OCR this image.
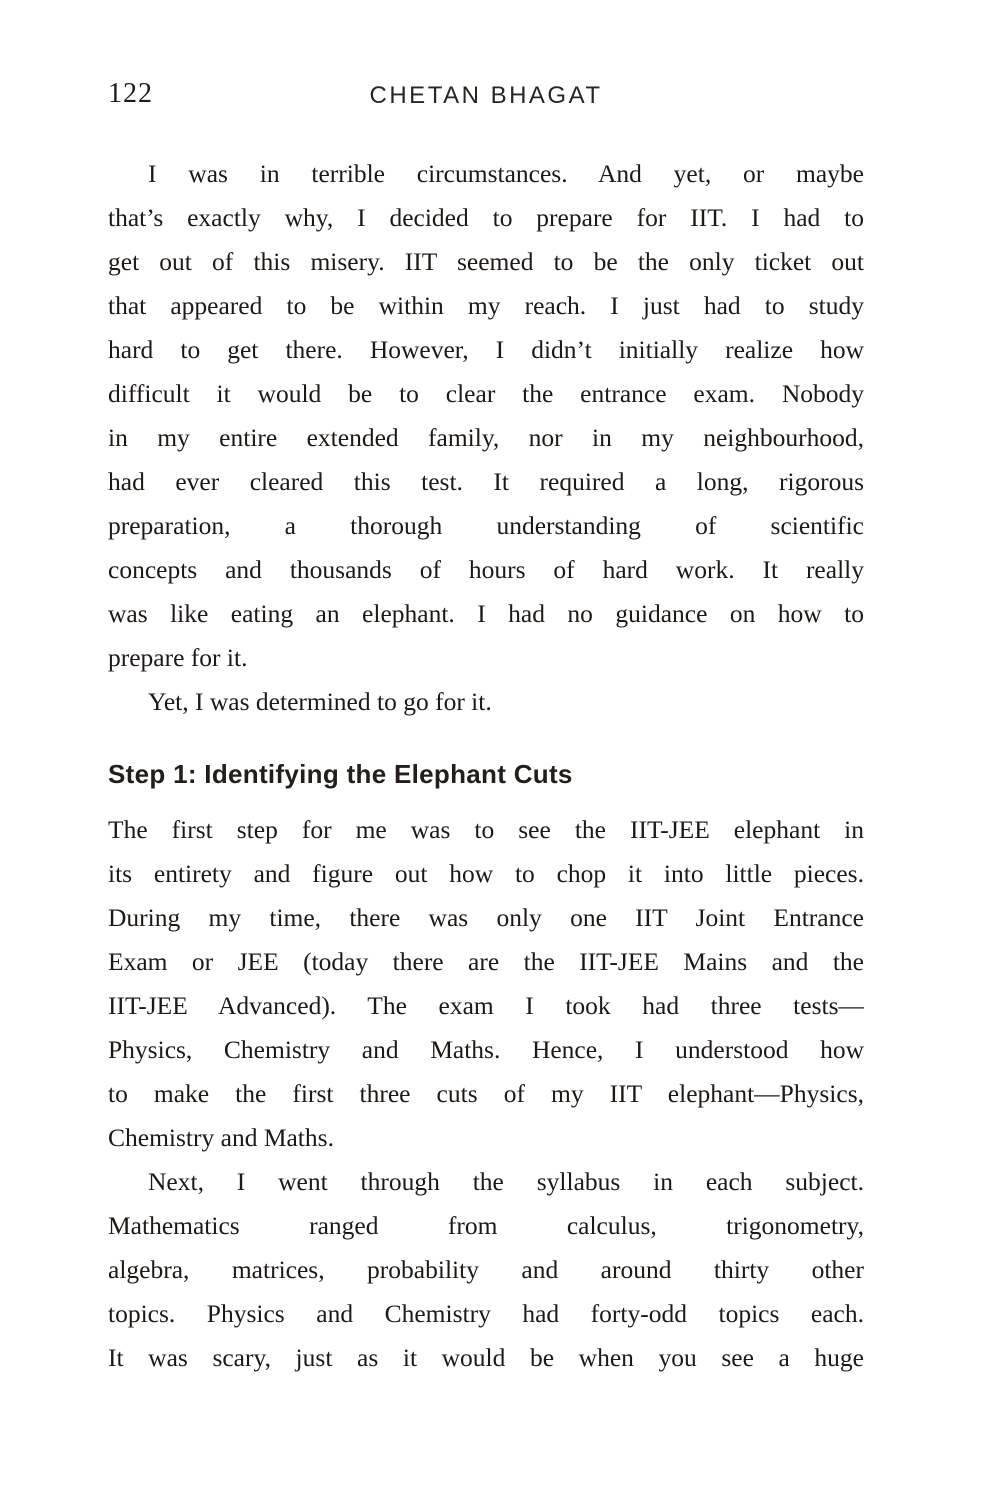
122	CHETAN BHAGAT
I was in terrible circumstances. And yet, or maybe
that’s exactly why, I decided to prepare for IIT. I had to
get out of this misery. IIT seemed to be the only ticket out
that appeared to be within my reach. I just had to study
hard to get there. However, I didn’t initially realize how
difficult it would be to clear the entrance exam. Nobody
in my entire extended family, nor in my neighbourhood,
had ever cleared this test. It required a long, rigorous
preparation, a thorough understanding of scientific
concepts and thousands of hours of hard work. It really
was like eating an elephant. I had no guidance on how to
prepare for it.
Yet, I was determined to go for it.
Step 1: Identifying the Elephant Cuts
The first step for me was to see the IIT-JEE elephant in
its entirety and figure out how to chop it into little pieces.
During my time, there was only one IIT Joint Entrance
Exam or JEE (today there are the IIT-JEE Mains and the
IIT-JEE Advanced). The exam I took had three tests—
Physics, Chemistry and Maths. Hence, I understood how
to make the first three cuts of my IIT elephant—Physics,
Chemistry and Maths.
Next, I went through the syllabus in each subject.
Mathematics ranged from calculus, trigonometry,
algebra, matrices, probability and around thirty other
topics. Physics and Chemistry had forty-odd topics each.
It was scary, just as it would be when you see a huge
